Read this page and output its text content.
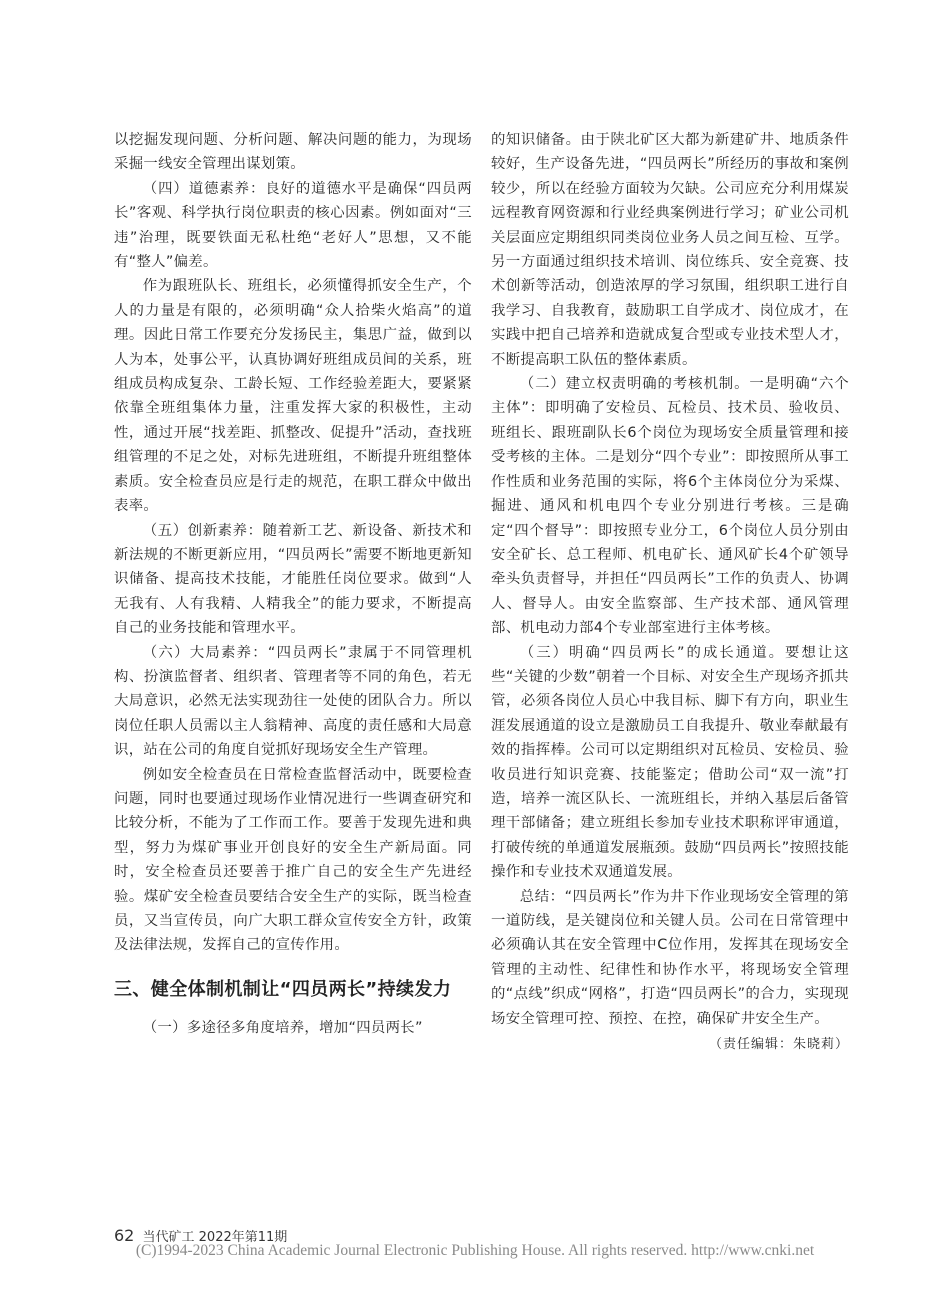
以挖掘发现问题、分析问题、解决问题的能力，为现场采掘一线安全管理出谋划策。

（四）道德素养：良好的道德水平是确保“四员两长”客观、科学执行岗位职责的核心因素。例如面对“三违”治理，既要铁面无私杜绝“老好人”思想，又不能有“整人”偏差。

作为跟班队长、班组长，必须懂得抓安全生产，个人的力量是有限的，必须明确“众人拾柴火焰高”的道理。因此日常工作要充分发扬民主，集思广益，做到以人为本，处事公平，认真协调好班组成员间的关系，班组成员构成复杂、工龄长短、工作经验差距大，要紧紧依靠全班组集体力量，注重发挥大家的积极性，主动性，通过开展“找差距、抓整改、促提升”活动，查找班组管理的不足之处，对标先进班组，不断提升班组整体素质。安全检查员应是行走的规范，在职工群众中做出表率。

（五）创新素养：随着新工艺、新设备、新技术和新法规的不断更新应用，“四员两长”需要不断地更新知识储备、提高技术技能，才能胜任岗位要求。做到“人无我有、人有我精、人精我全”的能力要求，不断提高自己的业务技能和管理水平。

（六）大局素养：“四员两长”隶属于不同管理机构、扮演监督者、组织者、管理者等不同的角色，若无大局意识，必然无法实现劲往一处使的团队合力。所以岗位任职人员需以主人翁精神、高度的责任感和大局意识，站在公司的角度自觉抓好现场安全生产管理。

例如安全检查员在日常检查监督活动中，既要检查问题，同时也要通过现场作业情况进行一些调查研究和比较分析，不能为了工作而工作。要善于发现先进和典型，努力为煤矿事业开创良好的安全生产新局面。同时，安全检查员还要善于推广自己的安全生产先进经验。煤矿安全检查员要结合安全生产的实际，既当检查员，又当宣传员，向广大职工群众宣传安全方针，政策及法律法规，发挥自己的宣传作用。

三、健全体制机制让“四员两长”持续发力

（一）多途径多角度培养，增加“四员两长”

的知识储备。由于陕北矿区大都为新建矿井、地质条件较好，生产设备先进，“四员两长”所经历的事故和案例较少，所以在经验方面较为欠缺。公司应充分利用煤炭远程教育网资源和行业经典案例进行学习；矿业公司机关层面应定期组织同类岗位业务人员之间互检、互学。另一方面通过组织技术培训、岗位练兵、安全竞赛、技术创新等活动，创造浓厚的学习氛围，组织职工进行自我学习、自我教育，鼓励职工自学成才、岗位成才，在实践中把自己培养和造就成复合型或专业技术型人才，不断提高职工队伍的整体素质。

（二）建立权责明确的考核机制。一是明确“六个主体”：即明确了安检员、瓦检员、技术员、验收员、班组长、跟班副队长6个岗位为现场安全质量管理和接受考核的主体。二是划分“四个专业”：即按照所从事工作性质和业务范围的实际，将6个主体岗位分为采煤、掘进、通风和机电四个专业分别进行考核。三是确定“四个督导”：即按照专业分工，6个岗位人员分别由安全矿长、总工程师、机电矿长、通风矿长4个矿领导牵头负责督导，并担任“四员两长”工作的负责人、协调人、督导人。由安全监察部、生产技术部、通风管理部、机电动力部4个专业部室进行主体考核。

（三）明确“四员两长”的成长通道。要想让这些“关键的少数”朝着一个目标、对安全生产现场齐抓共管，必须各岗位人员心中我目标、脚下有方向，职业生涯发展通道的设立是激励员工自我提升、敬业奉献最有效的指挥棒。公司可以定期组织对瓦检员、安检员、验收员进行知识竞赛、技能鉴定；借助公司“双一流”打造，培养一流区队长、一流班组长，并纳入基层后备管理干部储备；建立班组长参加专业技术职称评审通道，打破传统的单通道发展瓶颈。鼓励“四员两长”按照技能操作和专业技术双通道发展。

总结：“四员两长”作为井下作业现场安全管理的第一道防线，是关键岗位和关键人员。公司在日常管理中必须确认其在安全管理中C位作用，发挥其在现场安全管理的主动性、纪律性和协作水平，将现场安全管理的“点线”织成“网格”，打造“四员两长”的合力，实现现场安全管理可控、预控、在控，确保矿井安全生产。

（责任编辑：朱晓莉）

62 当代矿工 2022年第11期
(C)1994-2023 China Academic Journal Electronic Publishing House. All rights reserved. http://www.cnki.net
